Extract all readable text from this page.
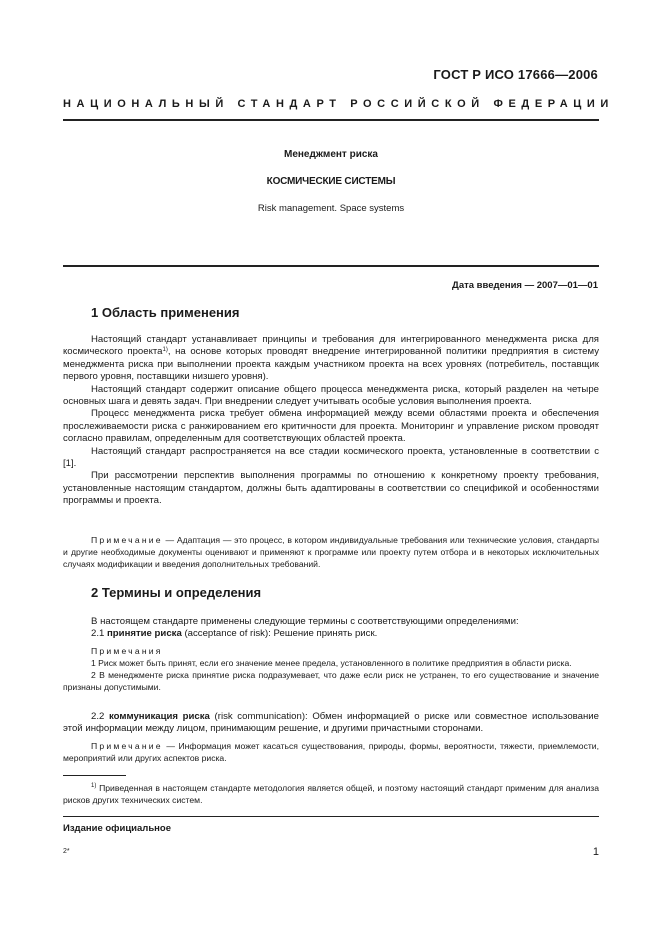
ГОСТ Р ИСО 17666—2006
НАЦИОНАЛЬНЫЙ СТАНДАРТ РОССИЙСКОЙ ФЕДЕРАЦИИ
Менеджмент риска
КОСМИЧЕСКИЕ СИСТЕМЫ
Risk management. Space systems
Дата введения — 2007—01—01
1 Область применения

Настоящий стандарт устанавливает принципы и требования для интегрированного менеджмента риска для космического проекта$^{1)}$, на основе которых проводят внедрение интегрированной политики предприятия в систему менеджмента риска при выполнении проекта каждым участником проекта на всех уровнях (потребитель, поставщик первого уровня, поставщики низшего уровня).

Настоящий стандарт содержит описание общего процесса менеджмента риска, который разделен на четыре основных шага и девять задач. При внедрении следует учитывать особые условия выполнения проекта.

Процесс менеджмента риска требует обмена информацией между всеми областями проекта и обеспечения прослеживаемости риска с ранжированием его критичности для проекта. Мониторинг и управление риском проводят согласно правилам, определенным для соответствующих областей проекта.

Настоящий стандарт распространяется на все стадии космического проекта, установленные в соответствии с [1].

При рассмотрении перспектив выполнения программы по отношению к конкретному проекту требования, установленные настоящим стандартом, должны быть адаптированы в соответствии со спецификой и особенностями программы и проекта.

Примечание — Адаптация — это процесс, в котором индивидуальные требования или технические условия, стандарты и другие необходимые документы оценивают и применяют к программе или проекту путем отбора и в некоторых исключительных случаях модификации и введения дополнительных требований.

2 Термины и определения

В настоящем стандарте применены следующие термины с соответствующими определениями:

2.1 принятие риска (acceptance of risk): Решение принять риск.

Примечания

1 Риск может быть принят, если его значение менее предела, установленного в политике предприятия в области риска.

2 В менеджменте риска принятие риска подразумевает, что даже если риск не устранен, то его существование и значение признаны допустимыми.

2.2 коммуникация риска (risk communication): Обмен информацией о риске или совместное использование этой информации между лицом, принимающим решение, и другими причастными сторонами.

Примечание — Информация может касаться существования, природы, формы, вероятности, тяжести, приемлемости, мероприятий или других аспектов риска.

$^{1)}$ Приведенная в настоящем стандарте методология является общей, и поэтому настоящий стандарт применим для анализа рисков других технических систем.

Издание официальное
2*	1
